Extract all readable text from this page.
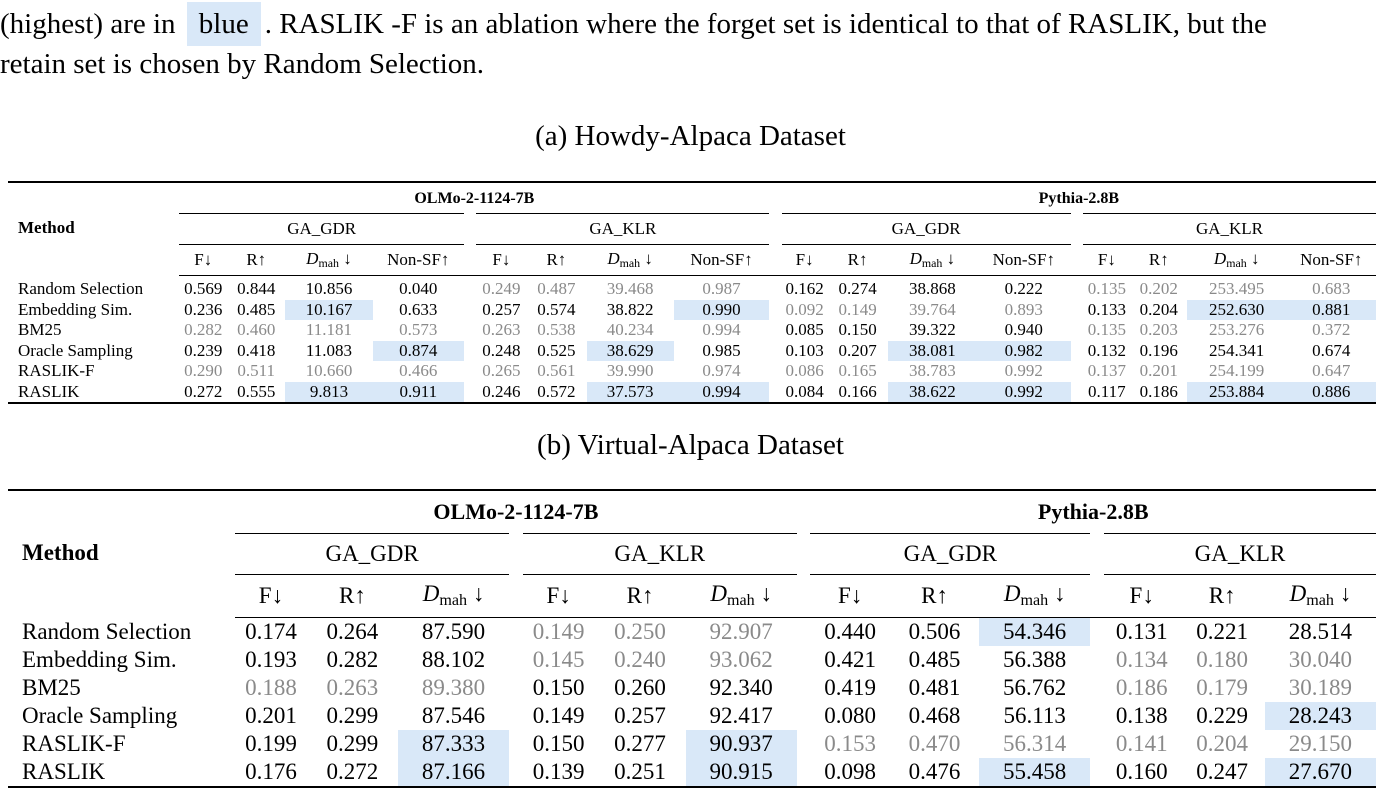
(highest) are in blue . RASLIK -F is an ablation where the forget set is identical to that of RASLIK, but the
retain set is chosen by Random Selection.
(a) Howdy-Alpaca Dataset
	OLMo-2-1124-7B										Pythia-2.8B								
Method	GA_GDR					GA_KLR					GA_GDR					GA_KLR			
	F↓	R↑	$D_{mah}$ ↓	Non-SF↑		F↓	R↑	$D_{mah}$ ↓	Non-SF↑		F↓	R↑	$D_{mah}$ ↓	Non-SF↑		F↓	R↑	$D_{mah}$ ↓	Non-SF↑
Random Selection	0.569	0.844	10.856	0.040		0.249	0.487	39.468	0.987		0.162	0.274	38.868	0.222		0.135	0.202	253.495	0.683
Embedding Sim.	0.236	0.485	10.167	0.633		0.257	0.574	38.822	0.990		0.092	0.149	39.764	0.893		0.133	0.204	252.630	0.881
BM25	0.282	0.460	11.181	0.573		0.263	0.538	40.234	0.994		0.085	0.150	39.322	0.940		0.135	0.203	253.276	0.372
Oracle Sampling	0.239	0.418	11.083	0.874		0.248	0.525	38.629	0.985		0.103	0.207	38.081	0.982		0.132	0.196	254.341	0.674
RASLIK-F	0.290	0.511	10.660	0.466		0.265	0.561	39.990	0.974		0.086	0.165	38.783	0.992		0.137	0.201	254.199	0.647
RASLIK	0.272	0.555	9.813	0.911		0.246	0.572	37.573	0.994		0.084	0.166	38.622	0.992		0.117	0.186	253.884	0.886
(b) Virtual-Alpaca Dataset
	OLMo-2-1124-7B								Pythia-2.8B						
Method	GA_GDR				GA_KLR				GA_GDR				GA_KLR		
	F↓	R↑	$D_{mah}$ ↓		F↓	R↑	$D_{mah}$ ↓		F↓	R↑	$D_{mah}$ ↓		F↓	R↑	$D_{mah}$ ↓
Random Selection	0.174	0.264	87.590		0.149	0.250	92.907		0.440	0.506	54.346		0.131	0.221	28.514
Embedding Sim.	0.193	0.282	88.102		0.145	0.240	93.062		0.421	0.485	56.388		0.134	0.180	30.040
BM25	0.188	0.263	89.380		0.150	0.260	92.340		0.419	0.481	56.762		0.186	0.179	30.189
Oracle Sampling	0.201	0.299	87.546		0.149	0.257	92.417		0.080	0.468	56.113		0.138	0.229	28.243
RASLIK-F	0.199	0.299	87.333		0.150	0.277	90.937		0.153	0.470	56.314		0.141	0.204	29.150
RASLIK	0.176	0.272	87.166		0.139	0.251	90.915		0.098	0.476	55.458		0.160	0.247	27.670
